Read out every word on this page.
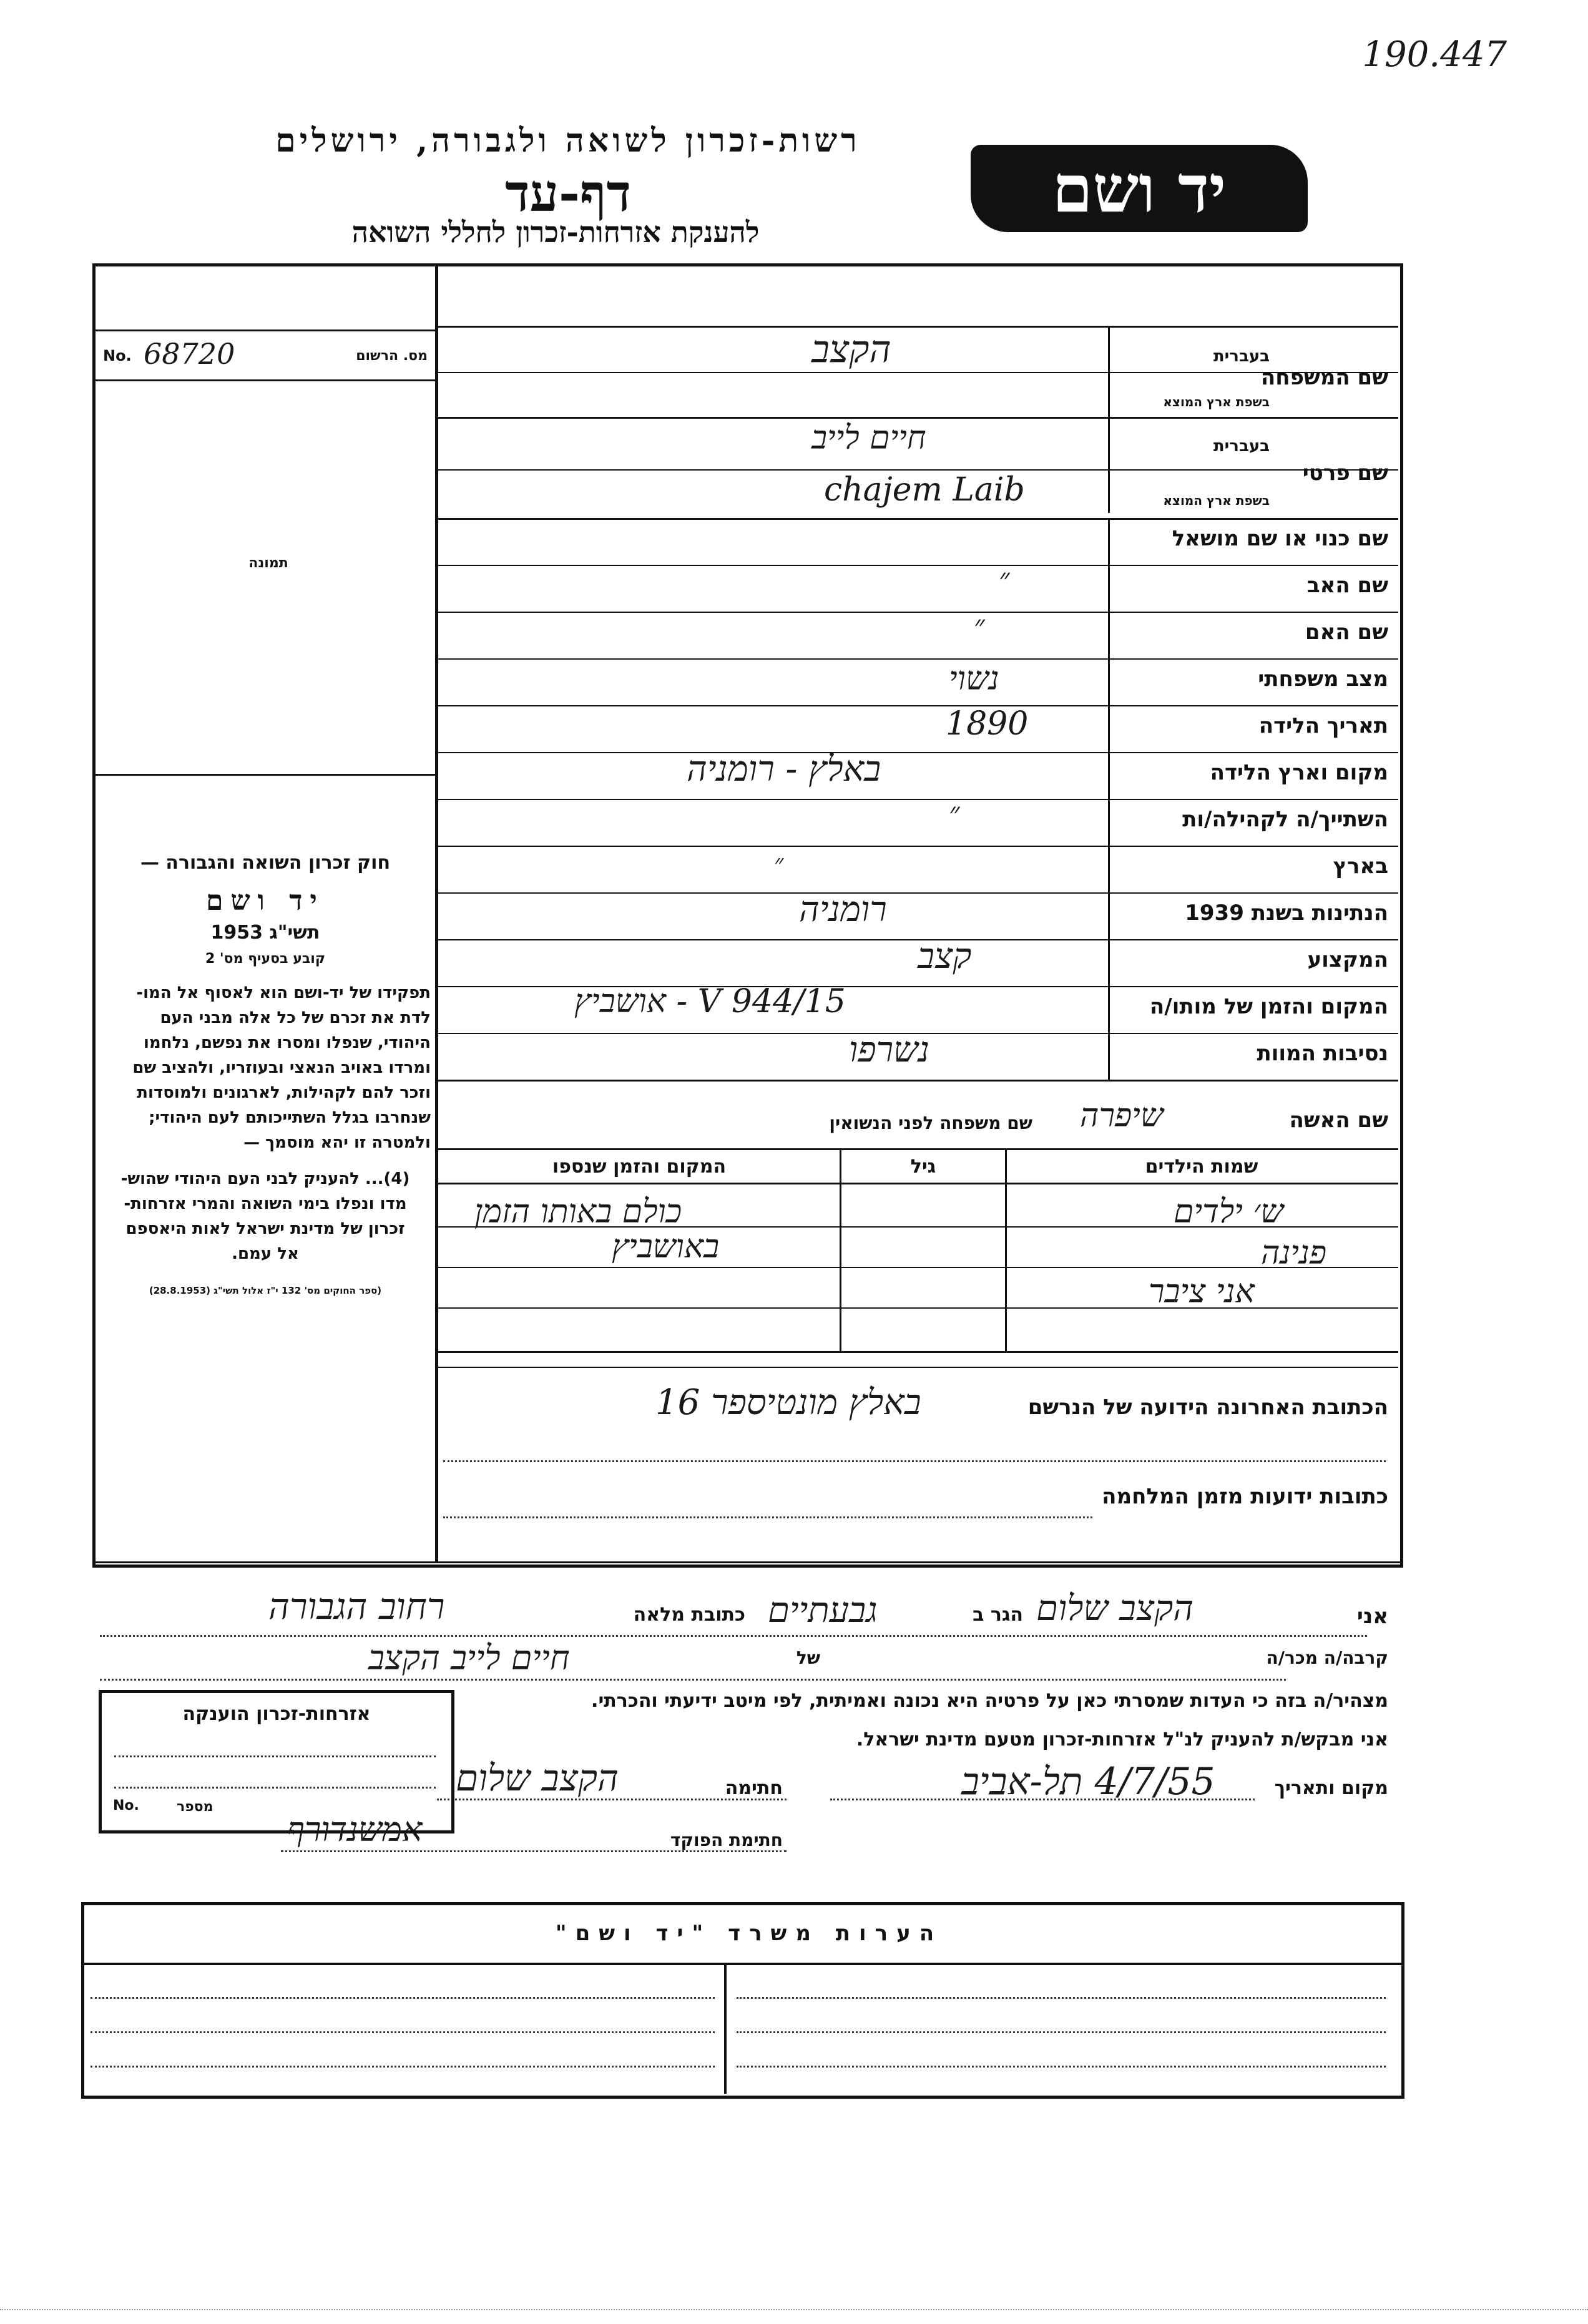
190.447
רשות-זכרון לשואה ולגבורה, ירושלים
דף-עד
להענקת אזרחות-זכרון לחללי השואה
יד ושם
No. 68720	מס. הרשום
תמונה
חוק זכרון השואה והגבורה —
יד ושם
תשי"ג 1953
קובע בסעיף מס' 2
תפקידו של יד-ושם הוא לאסוף אל המו-
לדת את זכרם של כל אלה מבני העם
היהודי, שנפלו ומסרו את נפשם, נלחמו
ומרדו באויב הנאצי ובעוזריו, ולהציב שם
וזכר להם לקהילות, לארגונים ולמוסדות
שנחרבו בגלל השתייכותם לעם היהודי;
ולמטרה זו יהא מוסמך —
(4)... להעניק לבני העם היהודי שהוש-
מדו ונפלו בימי השואה והמרי אזרחות-
זכרון של מדינת ישראל לאות היאספם
אל עמם.
(ספר החוקים מס' 132 י"ז אלול תשי"ג (28.8.1953)
שם המשפחה
בעברית
בשפת ארץ המוצא
הקצב
שם פרטי
בעברית
בשפת ארץ המוצא
חיים לייב
chajem Laib
שם כנוי או שם מושאל
שם האב
״
שם האם
״
מצב משפחתי
נשוי
תאריך הלידה
1890
מקום וארץ הלידה
באלץ - רומניה
השתייך/ה לקהילה/ות
״
בארץ
״
הנתינות בשנת 1939
רומניה
המקצוע
קצב
המקום והזמן של מותו/ה
15/V 944 - אושביץ
נסיבות המוות
נשרפו
שם האשה
שיפרה
שם משפחה לפני הנשואין
שמות הילדים
גיל
המקום והזמן שנספו
ש׳ ילדים
כולם באותו הזמן
פנינה
באושביץ
אני ציבר
הכתובת האחרונה הידועה של הנרשם
באלץ מונטיספר 16
כתובות ידועות מזמן המלחמה
אני
הקצב שלום
הגר ב
גבעתיים
כתובת מלאה
רחוב הגבורה
קרבה/ה מכר/ה
של
חיים לייב הקצב
מצהיר/ה בזה כי העדות שמסרתי כאן על פרטיה היא נכונה ואמיתית, לפי מיטב ידיעתי והכרתי.
אני מבקש/ת להעניק לנ"ל אזרחות-זכרון מטעם מדינת ישראל.
מקום ותאריך
4/7/55 תל-אביב
חתימה
הקצב שלום
חתימת הפוקד
אמשנדורף
אזרחות-זכרון הוענקה
No.	מספר
הערות משרד "יד ושם"
